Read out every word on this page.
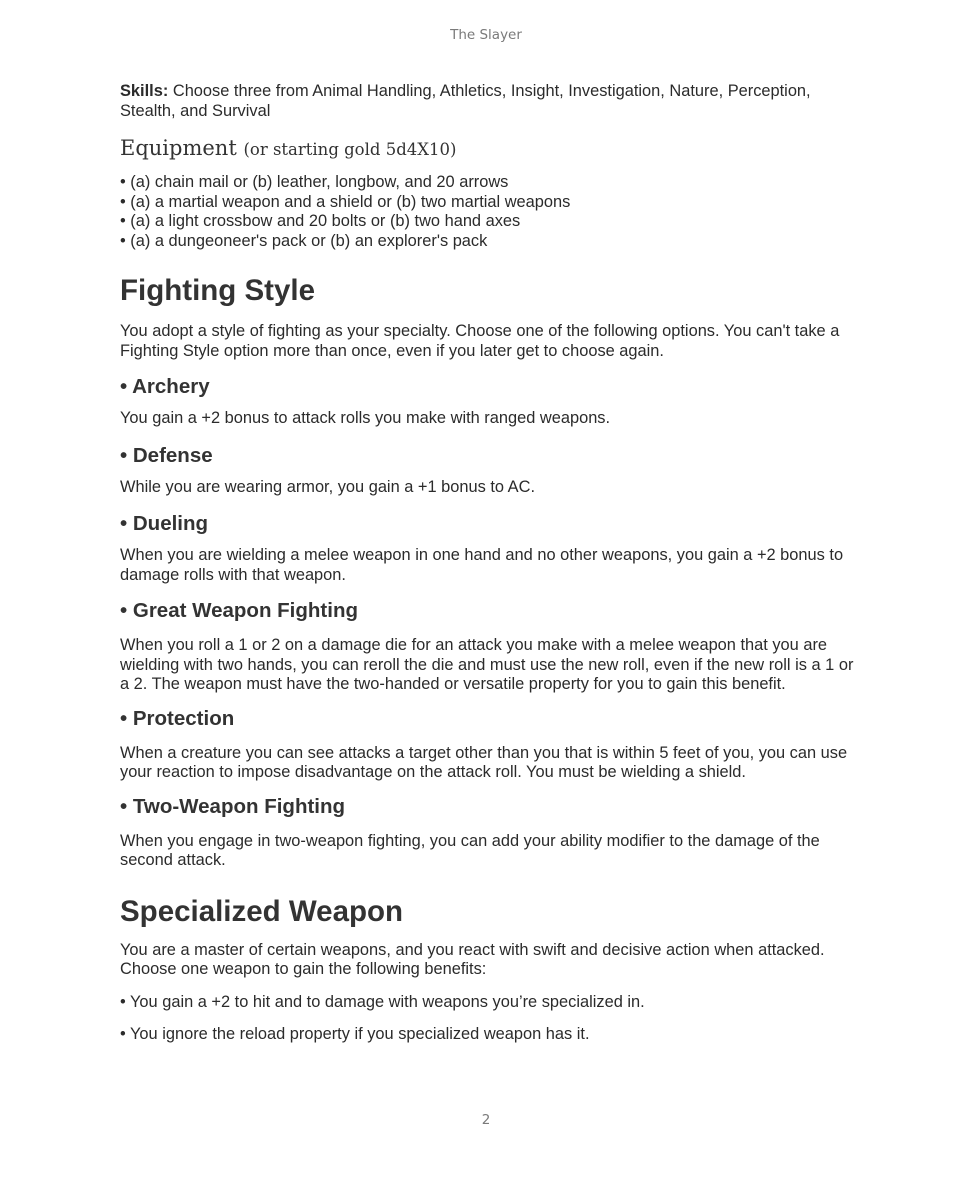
The Slayer

Skills: Choose three from Animal Handling, Athletics, Insight, Investigation, Nature, Perception, Stealth, and Survival

Equipment (or starting gold 5d4X10)

• (a) chain mail or (b) leather, longbow, and 20 arrows

• (a) a martial weapon and a shield or (b) two martial weapons

• (a) a light crossbow and 20 bolts or (b) two hand axes

• (a) a dungeoneer's pack or (b) an explorer's pack

Fighting Style

You adopt a style of fighting as your specialty. Choose one of the following options. You can't take a Fighting Style option more than once, even if you later get to choose again.

• Archery

You gain a +2 bonus to attack rolls you make with ranged weapons.

• Defense

While you are wearing armor, you gain a +1 bonus to AC.

• Dueling

When you are wielding a melee weapon in one hand and no other weapons, you gain a +2 bonus to damage rolls with that weapon.

• Great Weapon Fighting

When you roll a 1 or 2 on a damage die for an attack you make with a melee weapon that you are wielding with two hands, you can reroll the die and must use the new roll, even if the new roll is a 1 or a 2. The weapon must have the two-handed or versatile property for you to gain this benefit.

• Protection

When a creature you can see attacks a target other than you that is within 5 feet of you, you can use your reaction to impose disadvantage on the attack roll. You must be wielding a shield.

• Two-Weapon Fighting

When you engage in two-weapon fighting, you can add your ability modifier to the damage of the second attack.

Specialized Weapon

You are a master of certain weapons, and you react with swift and decisive action when attacked. Choose one weapon to gain the following benefits:

• You gain a +2 to hit and to damage with weapons you’re specialized in.

• You ignore the reload property if you specialized weapon has it.

2
